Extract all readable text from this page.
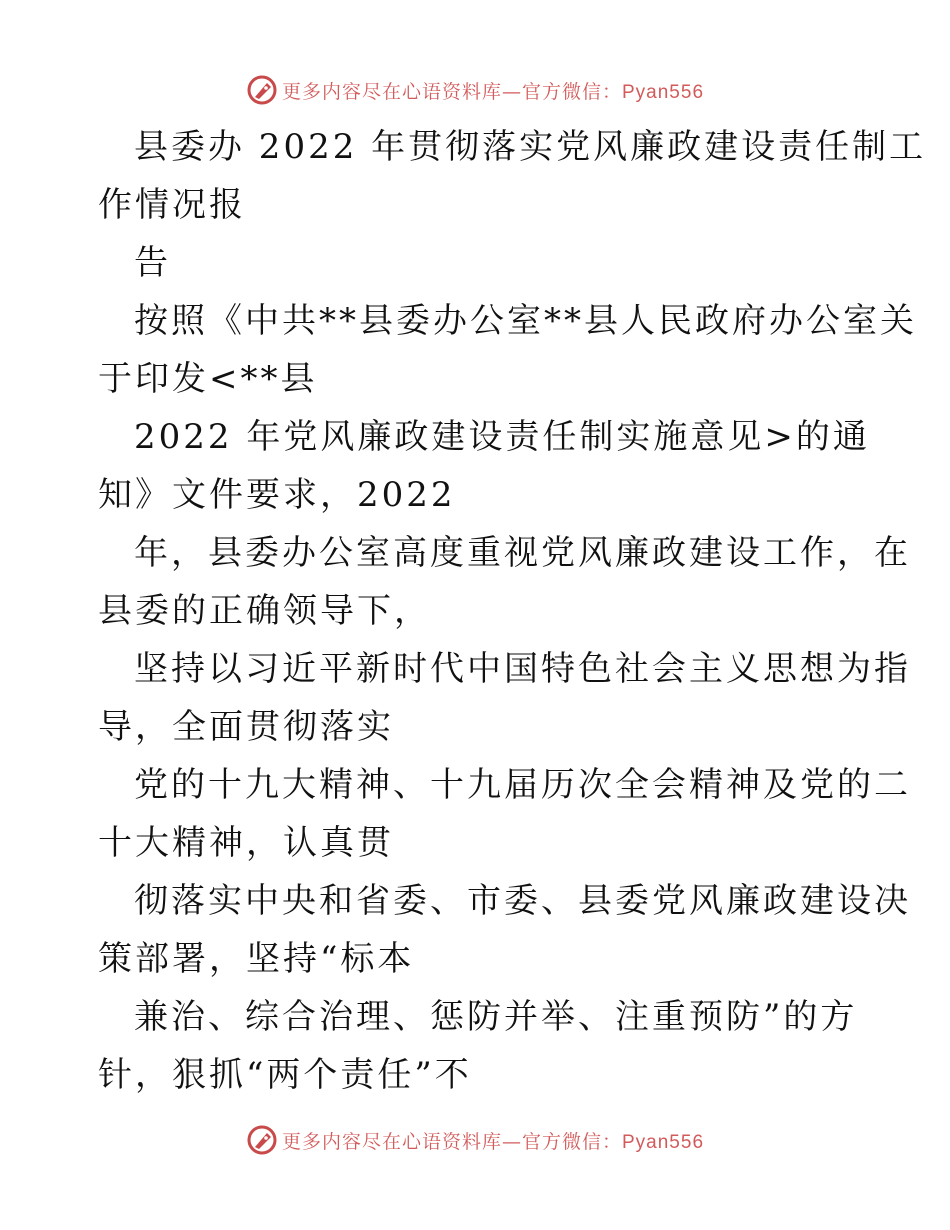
更多内容尽在心语资料库—官方微信：Pyan556
县委办 2022 年贯彻落实党风廉政建设责任制工
作情况报
告
按照《中共**县委办公室**县人民政府办公室关
于印发<**县
2022 年党风廉政建设责任制实施意见>的通
知》文件要求，2022
年，县委办公室高度重视党风廉政建设工作，在
县委的正确领导下，
坚持以习近平新时代中国特色社会主义思想为指
导，全面贯彻落实
党的十九大精神、十九届历次全会精神及党的二
十大精神，认真贯
彻落实中央和省委、市委、县委党风廉政建设决
策部署，坚持“标本
兼治、综合治理、惩防并举、注重预防”的方
针，狠抓“两个责任”不
更多内容尽在心语资料库—官方微信：Pyan556
